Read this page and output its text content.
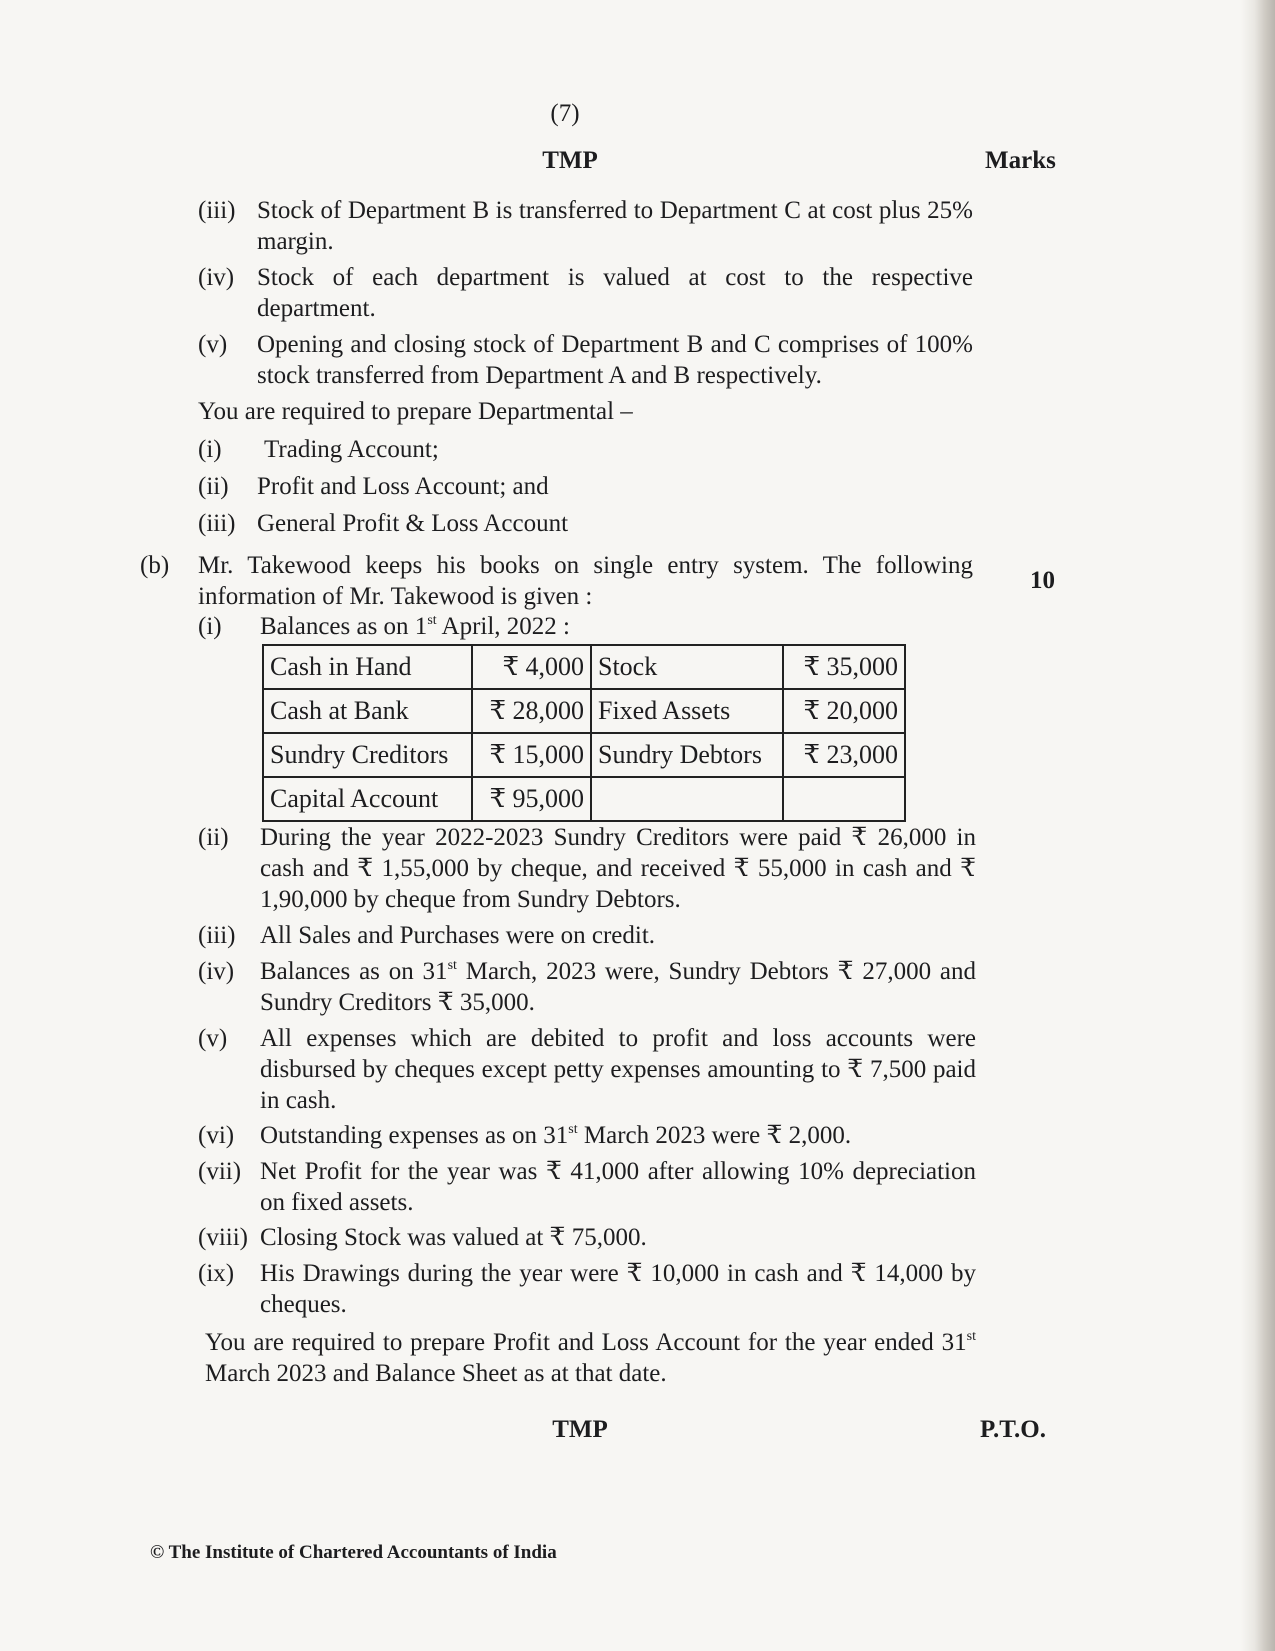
(7)
TMP	Marks
(iii) Stock of Department B is transferred to Department C at cost plus 25% margin.
(iv) Stock of each department is valued at cost to the respective department.
(v)	Opening and closing stock of Department B and C comprises of 100% stock transferred from Department A and B respectively.
You are required to prepare Departmental –
(i)	Trading Account;
(ii)	Profit and Loss Account; and
(iii) General Profit & Loss Account
(b) Mr. Takewood keeps his books on single entry system. The following information of Mr. Takewood is given :
10
(i)	Balances as on 1st April, 2022 :
Cash in Hand	₹ 4,000	Stock	₹ 35,000
Cash at Bank	₹ 28,000	Fixed Assets	₹ 20,000
Sundry Creditors	₹ 15,000	Sundry Debtors	₹ 23,000
Capital Account	₹ 95,000		
(ii)	During the year 2022-2023 Sundry Creditors were paid ₹ 26,000 in cash and ₹ 1,55,000 by cheque, and received ₹ 55,000 in cash and ₹ 1,90,000 by cheque from Sundry Debtors.
(iii) All Sales and Purchases were on credit.
(iv)	Balances as on 31st March, 2023 were, Sundry Debtors ₹ 27,000 and Sundry Creditors ₹ 35,000.
(v)	All expenses which are debited to profit and loss accounts were disbursed by cheques except petty expenses amounting to ₹ 7,500 paid in cash.
(vi)	Outstanding expenses as on 31st March 2023 were ₹ 2,000.
(vii) Net Profit for the year was ₹ 41,000 after allowing 10% depreciation on fixed assets.
(viii) Closing Stock was valued at ₹ 75,000.
(ix)	His Drawings during the year were ₹ 10,000 in cash and ₹ 14,000 by cheques.
You are required to prepare Profit and Loss Account for the year ended 31st March 2023 and Balance Sheet as at that date.
TMP	P.T.O.
© The Institute of Chartered Accountants of India
